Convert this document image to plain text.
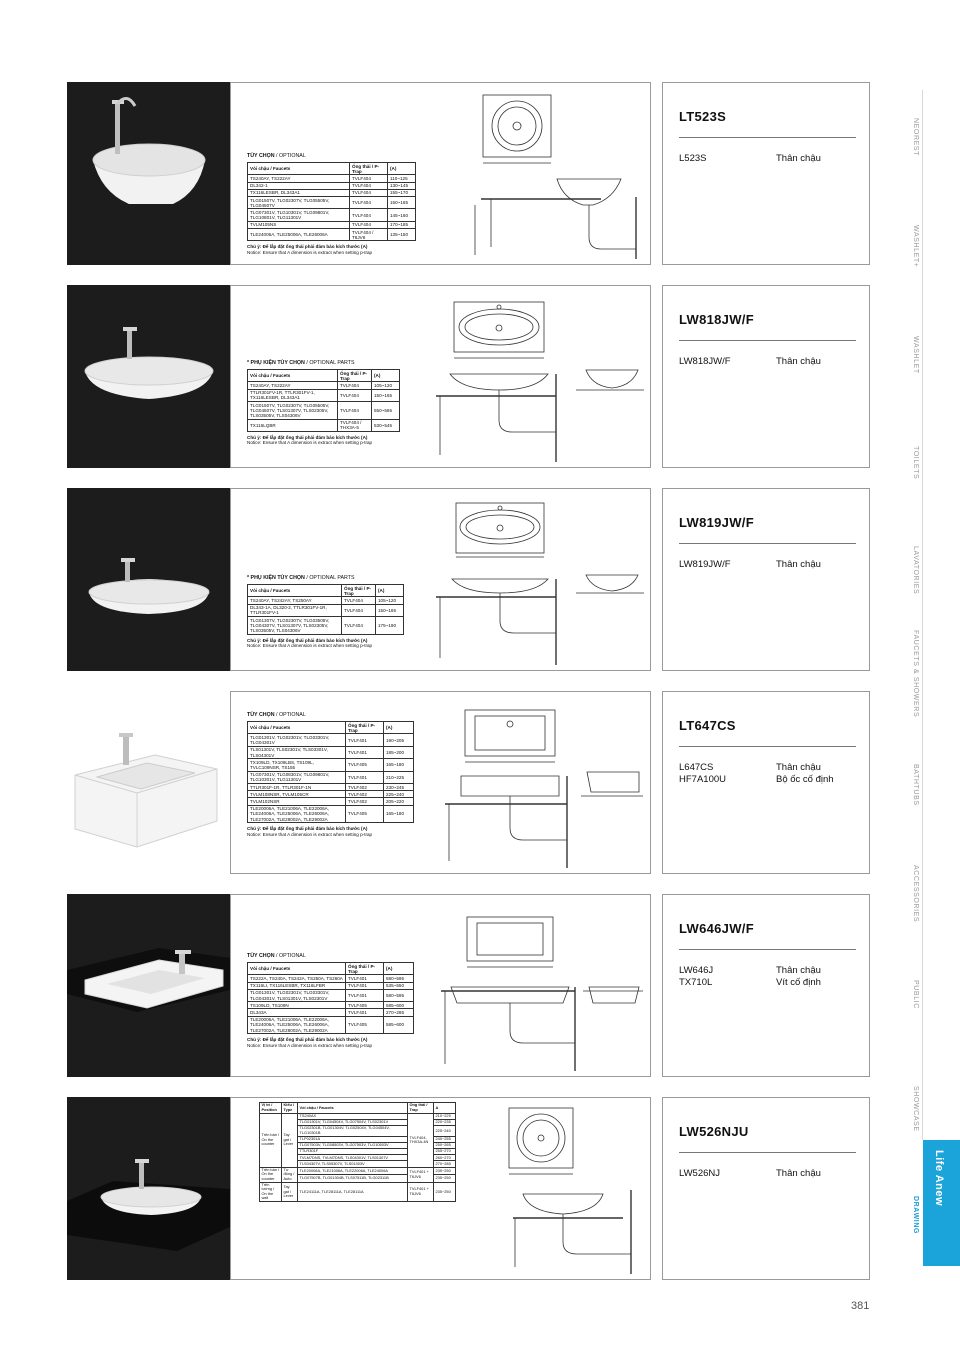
NEOREST
WASHLET+
WASHLET
TOILETS
LAVATORIES
FAUCETS & SHOWERS
BATHTUBS
ACCESSORIES
PUBLIC
SHOWCASE
DRAWING
Life Anew
TÙY CHỌN / OPTIONAL
Vòi chậu / Faucets	Ống thải / P-Trap	(A)
TS240AY, TS222AY	TVLF404	110~125
DL342-1	TVLF404	130~145
TX116LESBR, DL343A1	TVLF404	155~170
TLG01507V, TLG02307V, TLG05505V, TLG04507V	TVLF404	150~165
TLG07301V, TLG10301V, TLG09801V, TLG10801V, TLG11301V	TVLF404	145~160
TVLM105NS	TVLF404	170~185
TLE24006A, TLE25006A, TLE26006A	TVLF404 / T6JV6	135~150
Chú ý: Để lắp đặt ống thải phải đảm bảo kích thước (A)
Notice: Ensure that A dimension is extract when setting p-trap
LT523S
L523S	Thân chậu
* PHỤ KIỆN TÙY CHỌN / OPTIONAL PARTS
Vòi chậu / Faucets	Ống thải / P-Trap	(A)
TS240AY, TS222AY	TVLF404	105~120
TTLR301FV-1R, TTLR301FV-1, TX116LESBR, DL343A1	TVLF404	150~165
TLG01507V, TLG02307V, TLG05505V, TLG04507V, TLS01307V, TLS02305V, TLS03505V, TLS04306V	TVLF404	550~565
TX116LQBR	TVLF404 / THX3A-5	530~545
Chú ý: Để lắp đặt ống thải phải đảm bảo kích thước (A)
Notice: Ensure that A dimension is extract when setting p-trap
LW818JW/F
LW818JW/F	Thân chậu
* PHỤ KIỆN TÙY CHỌN / OPTIONAL PARTS
Vòi chậu / Faucets	Ống thải / P-Trap	(A)
TS240AY, TS242AY, TS250AY	TVLF404	105~120
DL343-1A, DL320-2, TTLR301FV-1R, TTLR301FV-1	TVLF404	150~165
TLG01307V, TLG02307V, TLG03505V, TLG04307V, TLS01307V, TLS02305V, TLS03505V, TLS04306V	TVLF404	175~190
Chú ý: Để lắp đặt ống thải phải đảm bảo kích thước (A)
Notice: Ensure that A dimension is extract when setting p-trap
LW819JW/F
LW819JW/F	Thân chậu
TÙY CHỌN / OPTIONAL
Vòi chậu / Faucets	Ống thải / P-Trap	(A)
TLG01301V, TLG02301V, TLG03301V, TLG04301V	TVLF401	190~205
TLS01301V, TLS02301V, TLS03301V, TLS04301V	TVLF401	185~200
TX109LD, TX109LBS, TS109L, TVLC109NSR, TS155	TVLF405	165~180
TLG07301V, TLG08301V, TLG09801V, TLG10301V, TLG11301V	TVLF401	210~225
TTLR301F-1R, TTLR301F-1N	TVLF402	230~245
TVLM108NSR, TVLM105CR	TVLF402	225~240
TVLM102NSR	TVLF402	205~220
TLE20006A, TLE21006A, TLE22006A, TLE24006A, TLE25006A, TLE26006A, TLE27002A, TLE28002A, TLE29002A	TVLF405	165~180
Chú ý: Để lắp đặt ống thải phải đảm bảo kích thước (A)
Notice: Ensure that A dimension is extract when setting p-trap
LT647CS
L647CS	Thân chậu
HF7A100U	Bộ ốc cố định
TÙY CHỌN / OPTIONAL
Vòi chậu / Faucets	Ống thải / P-Trap	(A)
TS222A, TS240A, TS242A, TS250A, TS260A	TVLF401	580~595
TX116LI, TX116LESBR, TX116LFBR	TVLF401	535~550
TLG01301V, TLG02301V, TLG03301V, TLG04301V, TLS01301V, TLS02301V	TVLF401	580~595
TS109LD, TS109N	TVLF405	585~600
DL343A	TVLF401	270~285
TLE20006A, TLE21006A, TLE22006A, TLE24006A, TLE25006A, TLE26006A, TLE27002A, TLE28002A, TLE29002A	TVLF405	585~600
Chú ý: Để lắp đặt ống thải phải đảm bảo kích thước (A)
Notice: Ensure that A dimension is extract when setting p-trap
LW646JW/F
LW646J	Thân chậu
TX710L	Vít cố định
Vị trí / Position	Kiểu / Type	Vòi chậu / Faucets	Ống thải / Trap	A
Trên bàn / On the counter	Tay gạt / Lever	TS240AX	TVLF404, THX3A-4N	210~225
		TLG01301V, TLG04504V, TLG07504V, TLS02301V		220~235
		TLG02301B, TLG01304V, TLG02504V, TLG04504V, TLG10301B		225~240
		TLP02301A		240~255
		TLG07503V, TLG08503V, TLG07503V, TLG10503V		250~265
		TTLR301F		255~270
		TVLM7DNS, TVLM7DNS, TLS04301V, TLS01307V		260~270
		TLS04307V, TLS05307V, TLS01303V		270~285
Trên bàn / On the counter	Tự động / Auto	TLE20006A, TLE21006A, TLE22006A, TLE24006A	TVLF401 + T6JV6	235~250
		TLG07507B, TLG01304B, TLS07511B, TLG02311B		235~250
Trên tường / On the wall	Tay gạt / Lever	TLE24111A, TLE28111A, TLE28111A	TVLF401 + T6JV6	235~250
LW526NJU
LW526NJ	Thân chậu
381
